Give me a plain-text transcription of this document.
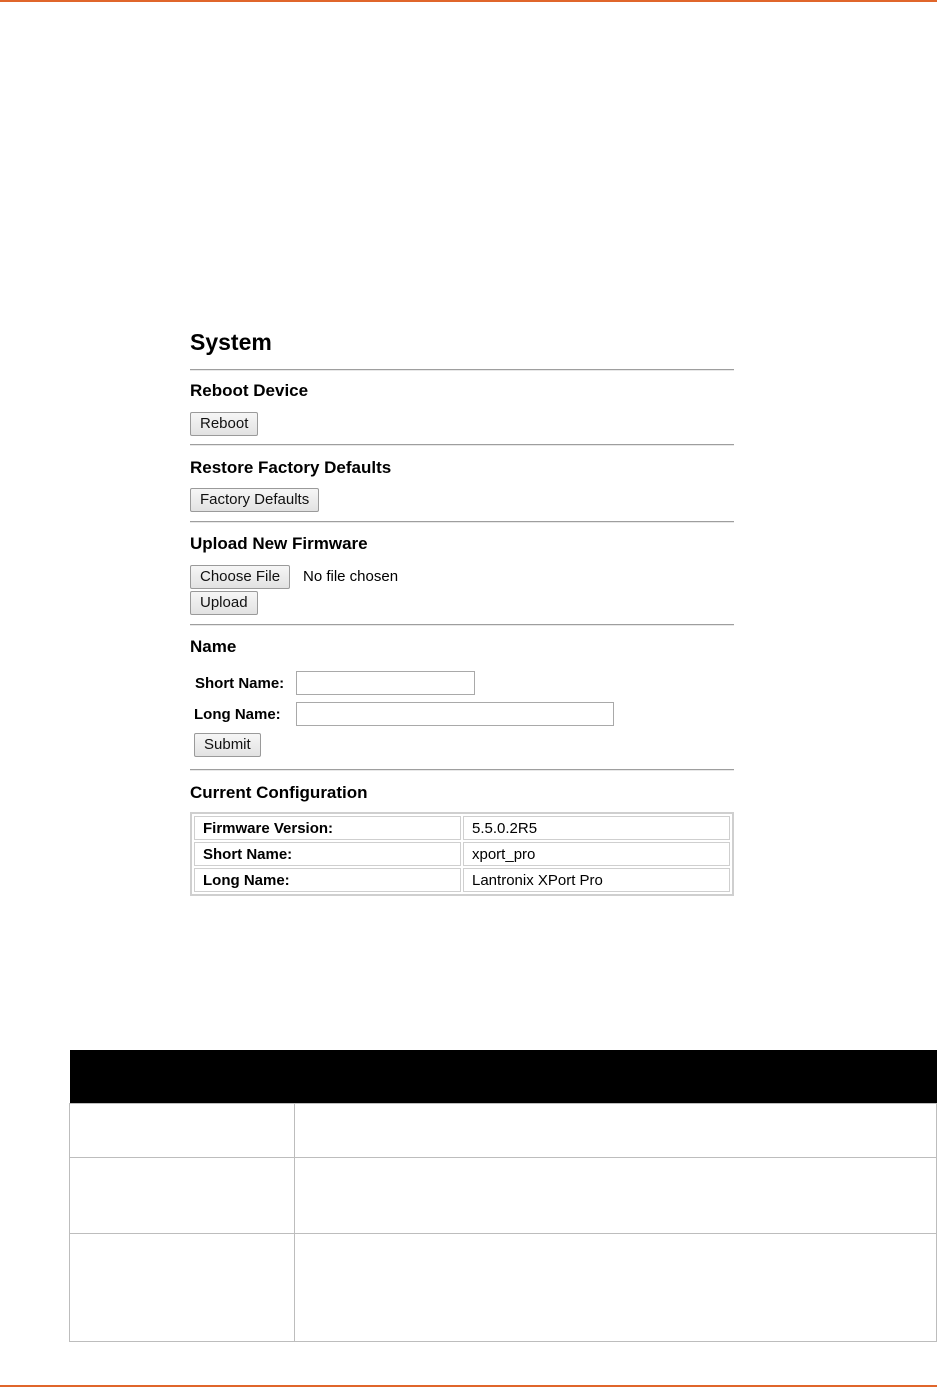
System
Reboot Device
Reboot
Restore Factory Defaults
Factory Defaults
Upload New Firmware
Choose File	No file chosen
Upload
Name
Short Name:
Long Name:
Submit
Current Configuration
Firmware Version:	5.5.0.2R5
Short Name:	xport_pro
Long Name:	Lantronix XPort Pro
